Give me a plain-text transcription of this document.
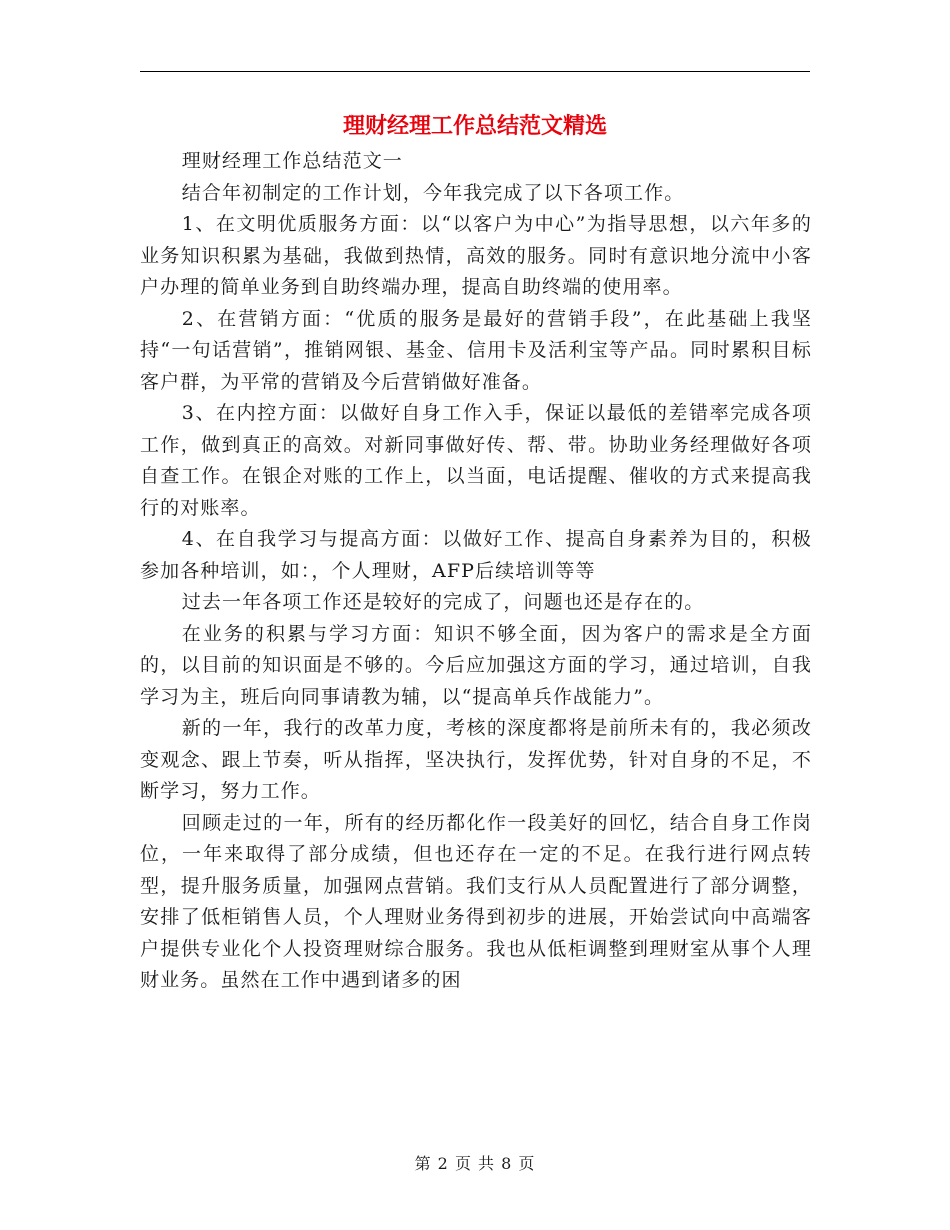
理财经理工作总结范文精选

理财经理工作总结范文一

结合年初制定的工作计划，今年我完成了以下各项工作。

1、在文明优质服务方面：以“以客户为中心”为指导思想，以六年多的业务知识积累为基础，我做到热情，高效的服务。同时有意识地分流中小客户办理的简单业务到自助终端办理，提高自助终端的使用率。

2、在营销方面：“优质的服务是最好的营销手段”，在此基础上我坚持“一句话营销”，推销网银、基金、信用卡及活利宝等产品。同时累积目标客户群，为平常的营销及今后营销做好准备。

3、在内控方面：以做好自身工作入手，保证以最低的差错率完成各项工作，做到真正的高效。对新同事做好传、帮、带。协助业务经理做好各项自查工作。在银企对账的工作上，以当面，电话提醒、催收的方式来提高我行的对账率。

4、在自我学习与提高方面：以做好工作、提高自身素养为目的，积极参加各种培训，如：，个人理财，AFP后续培训等等

过去一年各项工作还是较好的完成了，问题也还是存在的。

在业务的积累与学习方面：知识不够全面，因为客户的需求是全方面的，以目前的知识面是不够的。今后应加强这方面的学习，通过培训，自我学习为主，班后向同事请教为辅，以“提高单兵作战能力”。

新的一年，我行的改革力度，考核的深度都将是前所未有的，我必须改变观念、跟上节奏，听从指挥，坚决执行，发挥优势，针对自身的不足，不断学习，努力工作。

回顾走过的一年，所有的经历都化作一段美好的回忆，结合自身工作岗位，一年来取得了部分成绩，但也还存在一定的不足。在我行进行网点转型，提升服务质量，加强网点营销。我们支行从人员配置进行了部分调整，安排了低柜销售人员，个人理财业务得到初步的进展，开始尝试向中高端客户提供专业化个人投资理财综合服务。我也从低柜调整到理财室从事个人理财业务。虽然在工作中遇到诸多的困

第 2 页 共 8 页
